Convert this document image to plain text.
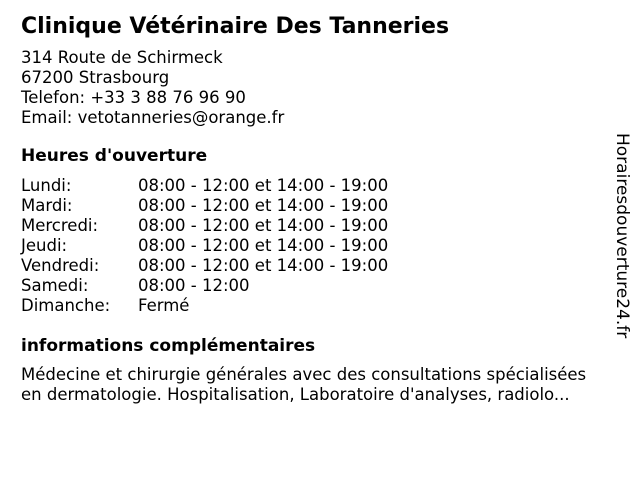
Clinique Vétérinaire Des Tanneries
314 Route de Schirmeck
67200 Strasbourg
Telefon: +33 3 88 76 96 90
Email: vetotanneries@orange.fr
Heures d'ouverture
Lundi:	08:00 - 12:00 et 14:00 - 19:00
Mardi:	08:00 - 12:00 et 14:00 - 19:00
Mercredi:	08:00 - 12:00 et 14:00 - 19:00
Jeudi:	08:00 - 12:00 et 14:00 - 19:00
Vendredi:	08:00 - 12:00 et 14:00 - 19:00
Samedi:	08:00 - 12:00
Dimanche:	Fermé
informations complémentaires
Médecine et chirurgie générales avec des consultations spécialisées
en dermatologie. Hospitalisation, Laboratoire d'analyses, radiolo...
Horairesdouverture24.fr
